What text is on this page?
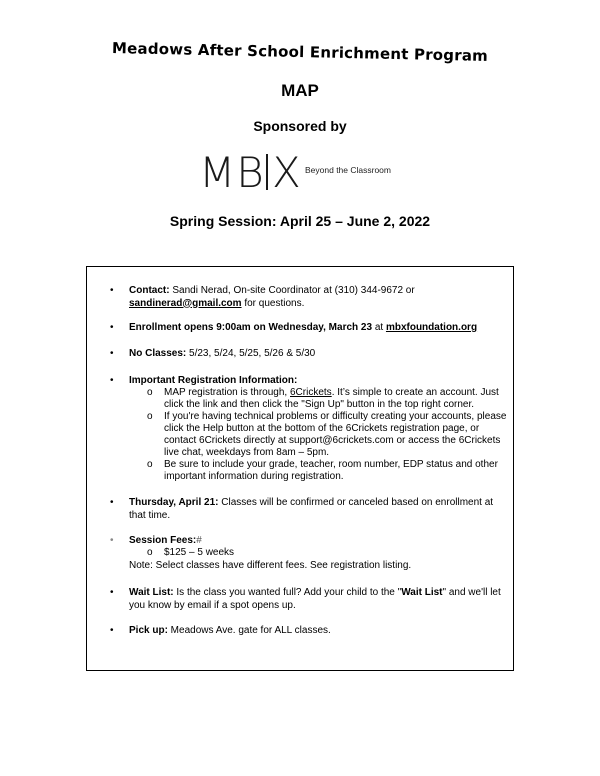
Meadows After School Enrichment Program
MAP
Sponsored by
MB X Beyond the Classroom
Spring Session: April 25 – June 2, 2022
• Contact: Sandi Nerad, On-site Coordinator at (310) 344-9672 or
sandinerad@gmail.com for questions.
• Enrollment opens 9:00am on Wednesday, March 23 at mbxfoundation.org
• No Classes: 5/23, 5/24, 5/25, 5/26 & 5/30
• Important Registration Information:
o MAP registration is through, 6Crickets. It’s simple to create an account. Just click the link and then click the "Sign Up" button in the top right corner.
o If you're having technical problems or difficulty creating your accounts, please click the Help button at the bottom of the 6Crickets registration page, or contact 6Crickets directly at support@6crickets.com or access the 6Crickets live chat, weekdays from 8am – 5pm.
o Be sure to include your grade, teacher, room number, EDP status and other important information during registration.
• Thursday, April 21: Classes will be confirmed or canceled based on enrollment at that time.
• Session Fees:#
o $125 – 5 weeks
Note: Select classes have different fees. See registration listing.
• Wait List: Is the class you wanted full? Add your child to the "Wait List" and we'll let you know by email if a spot opens up.
• Pick up: Meadows Ave. gate for ALL classes.
